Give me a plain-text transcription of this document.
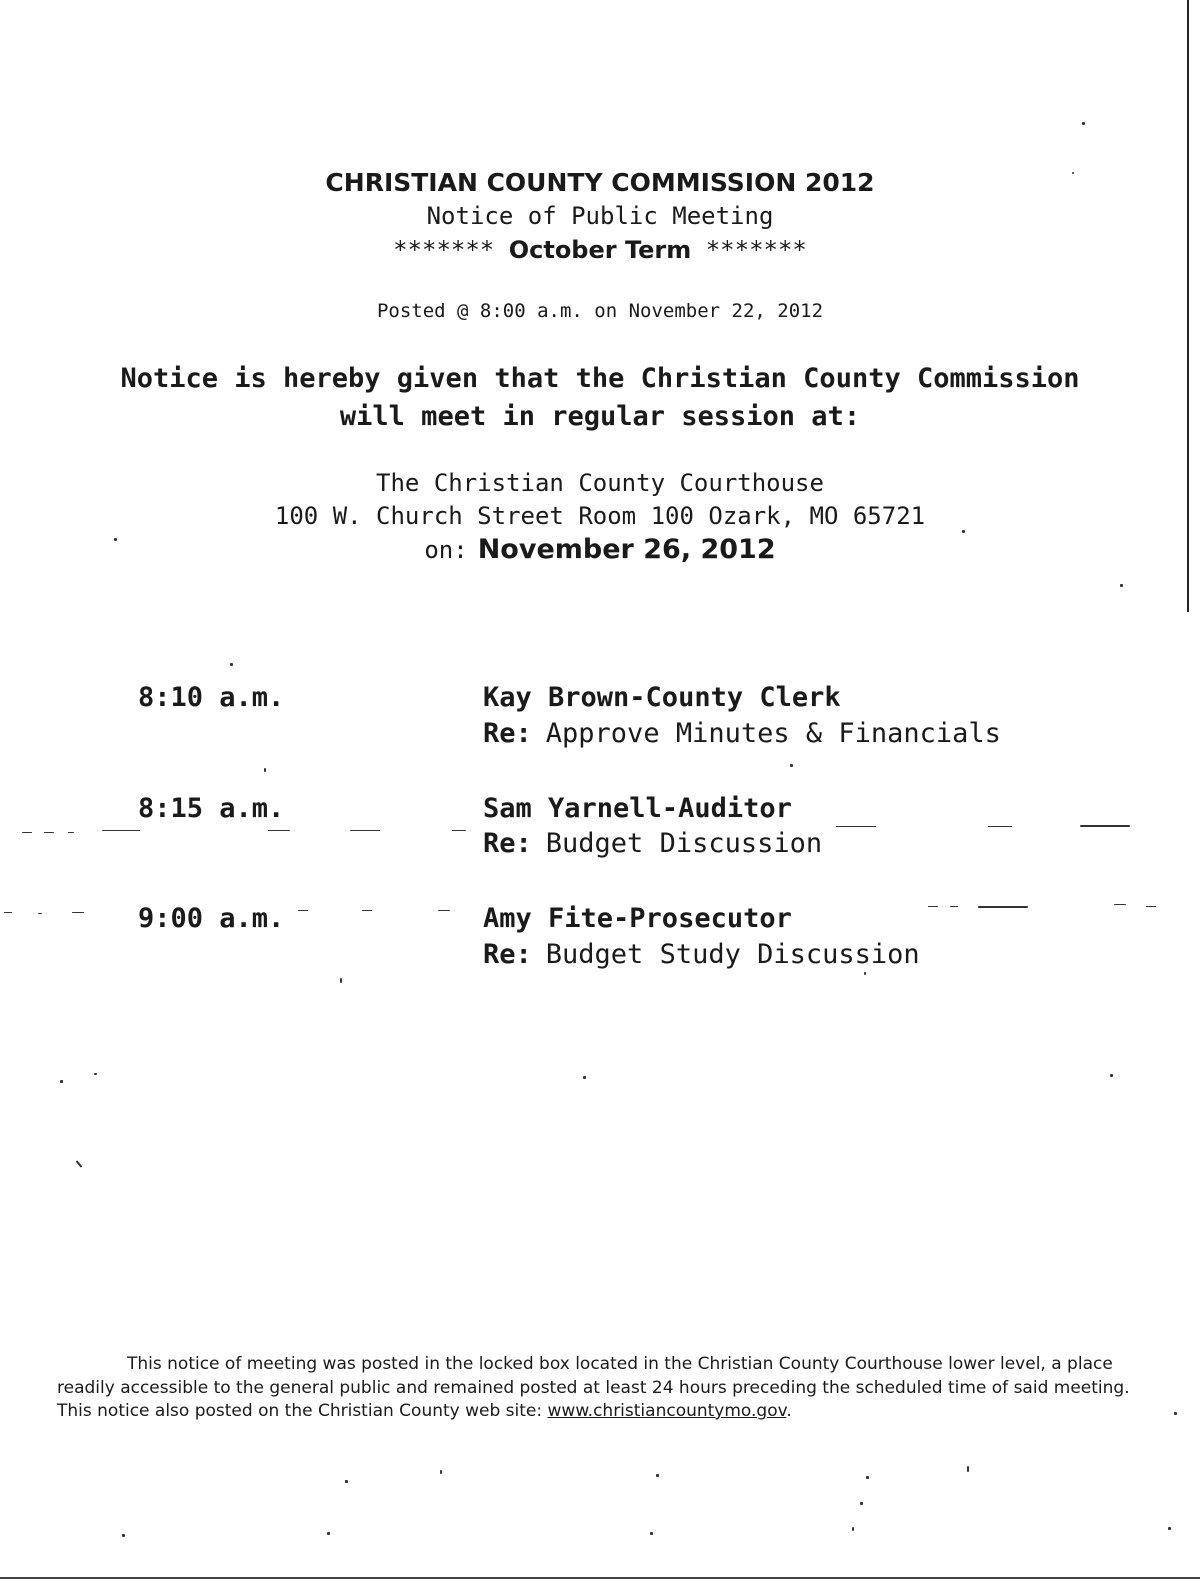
CHRISTIAN COUNTY COMMISSION 2012
Notice of Public Meeting
******* October Term *******
Posted @ 8:00 a.m. on November 22, 2012
Notice is hereby given that the Christian County Commission
will meet in regular session at:
The Christian County Courthouse
100 W. Church Street Room 100 Ozark, MO 65721
on: November 26, 2012
8:10 a.m.	Kay Brown-County Clerk
Re: Approve Minutes & Financials
8:15 a.m.	Sam Yarnell-Auditor
Re: Budget Discussion
9:00 a.m.	Amy Fite-Prosecutor
Re: Budget Study Discussion
This notice of meeting was posted in the locked box located in the Christian County Courthouse lower level, a place readily accessible to the general public and remained posted at least 24 hours preceding the scheduled time of said meeting. This notice also posted on the Christian County web site: www.christiancountymo.gov.
